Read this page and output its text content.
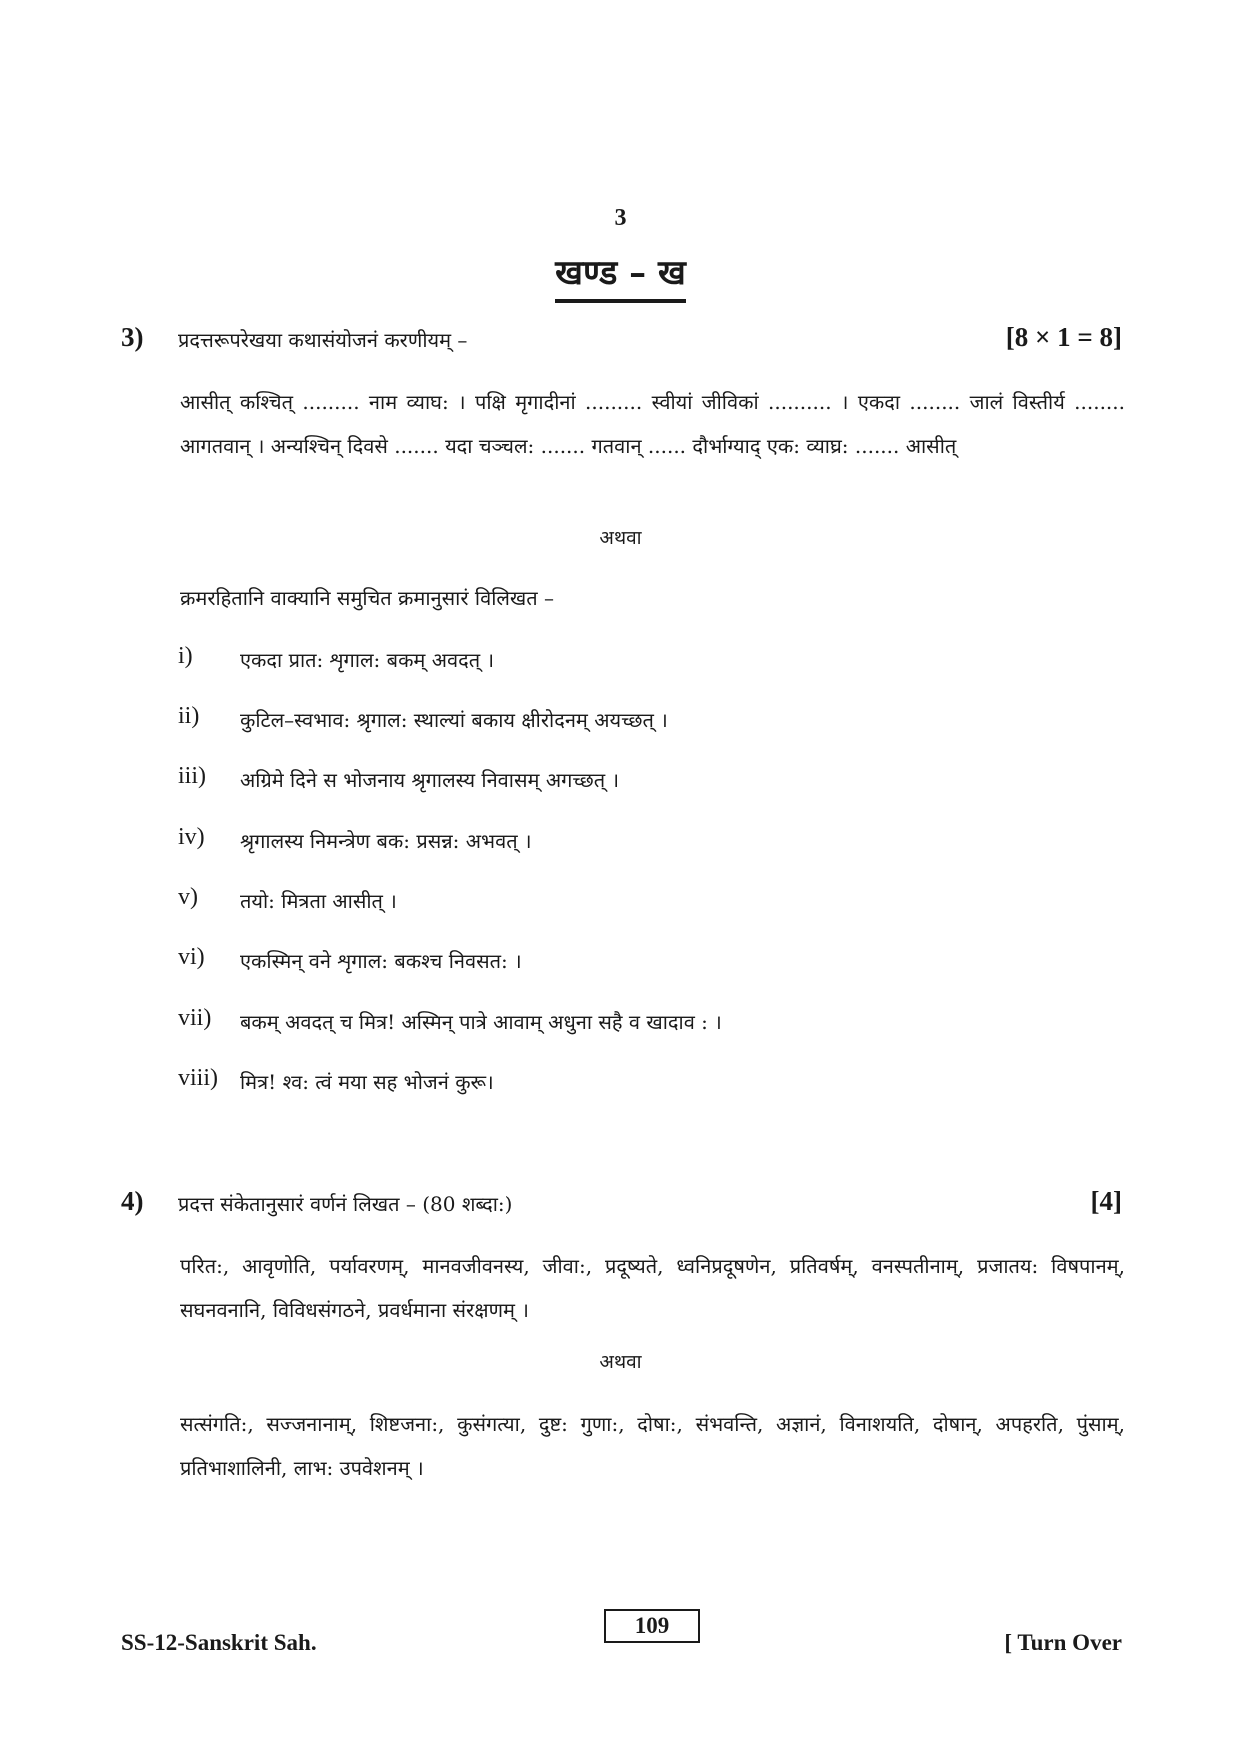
3
खण्ड – ख
3) प्रदत्तरूपरेखया कथासंयोजनं करणीयम् –	[8 × 1 = 8]
आसीत् कश्चित् ......... नाम व्याघ: । पक्षि मृगादीनां ......... स्वीयां जीविकां .......... । एकदा ........ जालं विस्तीर्य ........ आगतवान् । अन्यश्चिन् दिवसे ....... यदा चञ्चल: ....... गतवान् ...... दौर्भाग्याद् एक: व्याघ्र: ....... आसीत्
अथवा
क्रमरहितानि वाक्यानि समुचित क्रमानुसारं विलिखत –
i) एकदा प्रात: शृगाल: बकम् अवदत् ।
ii) कुटिल–स्वभाव: श्रृगाल: स्थाल्यां बकाय क्षीरोदनम् अयच्छत् ।
iii) अग्रिमे दिने स भोजनाय श्रृगालस्य निवासम् अगच्छत् ।
iv) श्रृगालस्य निमन्त्रेण बक: प्रसन्न: अभवत् ।
v) तयो: मित्रता आसीत् ।
vi) एकस्मिन् वने शृगाल: बकश्च निवसत: ।
vii) बकम् अवदत् च मित्र! अस्मिन् पात्रे आवाम् अधुना सहै व खादाव : ।
viii) मित्र! श्व: त्वं मया सह भोजनं कुरू।
4) प्रदत्त संकेतानुसारं वर्णनं लिखत – (80 शब्दा:)	[4]
परित:, आवृणोति, पर्यावरणम्, मानवजीवनस्य, जीवा:, प्रदूष्यते, ध्वनिप्रदूषणेन, प्रतिवर्षम्, वनस्पतीनाम्, प्रजातय: विषपानम्, सघनवनानि, विविधसंगठने, प्रवर्धमाना संरक्षणम् ।
अथवा
सत्संगति:, सज्जनानाम्, शिष्टजना:, कुसंगत्या, दुष्ट: गुणा:, दोषा:, संभवन्ति, अज्ञानं, विनाशयति, दोषान्, अपहरति, पुंसाम्, प्रतिभाशालिनी, लाभ: उपवेशनम् ।
SS-12-Sanskrit Sah.
109
[ Turn Over
